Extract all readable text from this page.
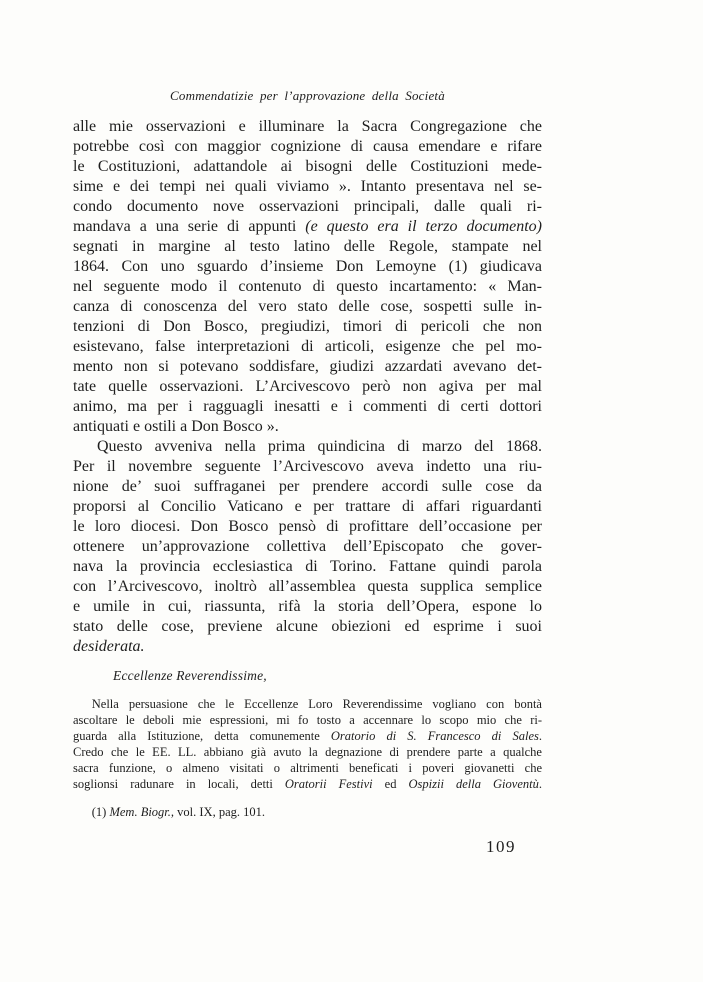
Commendatizie per l’approvazione della Società
alle mie osservazioni e illuminare la Sacra Congregazione che
potrebbe così con maggior cognizione di causa emendare e rifare
le Costituzioni, adattandole ai bisogni delle Costituzioni mede-
sime e dei tempi nei quali viviamo ». Intanto presentava nel se-
condo documento nove osservazioni principali, dalle quali ri-
mandava a una serie di appunti (e questo era il terzo documento)
segnati in margine al testo latino delle Regole, stampate nel
1864. Con uno sguardo d’insieme Don Lemoyne (1) giudicava
nel seguente modo il contenuto di questo incartamento: « Man-
canza di conoscenza del vero stato delle cose, sospetti sulle in-
tenzioni di Don Bosco, pregiudizi, timori di pericoli che non
esistevano, false interpretazioni di articoli, esigenze che pel mo-
mento non si potevano soddisfare, giudizi azzardati avevano det-
tate quelle osservazioni. L’Arcivescovo però non agiva per mal
animo, ma per i ragguagli inesatti e i commenti di certi dottori
antiquati e ostili a Don Bosco ».
Questo avveniva nella prima quindicina di marzo del 1868.
Per il novembre seguente l’Arcivescovo aveva indetto una riu-
nione de’ suoi suffraganei per prendere accordi sulle cose da
proporsi al Concilio Vaticano e per trattare di affari riguardanti
le loro diocesi. Don Bosco pensò di profittare dell’occasione per
ottenere un’approvazione collettiva dell’Episcopato che gover-
nava la provincia ecclesiastica di Torino. Fattane quindi parola
con l’Arcivescovo, inoltrò all’assemblea questa supplica semplice
e umile in cui, riassunta, rifà la storia dell’Opera, espone lo
stato delle cose, previene alcune obiezioni ed esprime i suoi
desiderata.
Eccellenze Reverendissime,
Nella persuasione che le Eccellenze Loro Reverendissime vogliano con bontà
ascoltare le deboli mie espressioni, mi fo tosto a accennare lo scopo mio che ri-
guarda alla Istituzione, detta comunemente Oratorio di S. Francesco di Sales.
Credo che le EE. LL. abbiano già avuto la degnazione di prendere parte a qualche
sacra funzione, o almeno visitati o altrimenti beneficati i poveri giovanetti che
soglionsi radunare in locali, detti Oratorii Festivi ed Ospizii della Gioventù.
(1) Mem. Biogr., vol. IX, pag. 101.
109
